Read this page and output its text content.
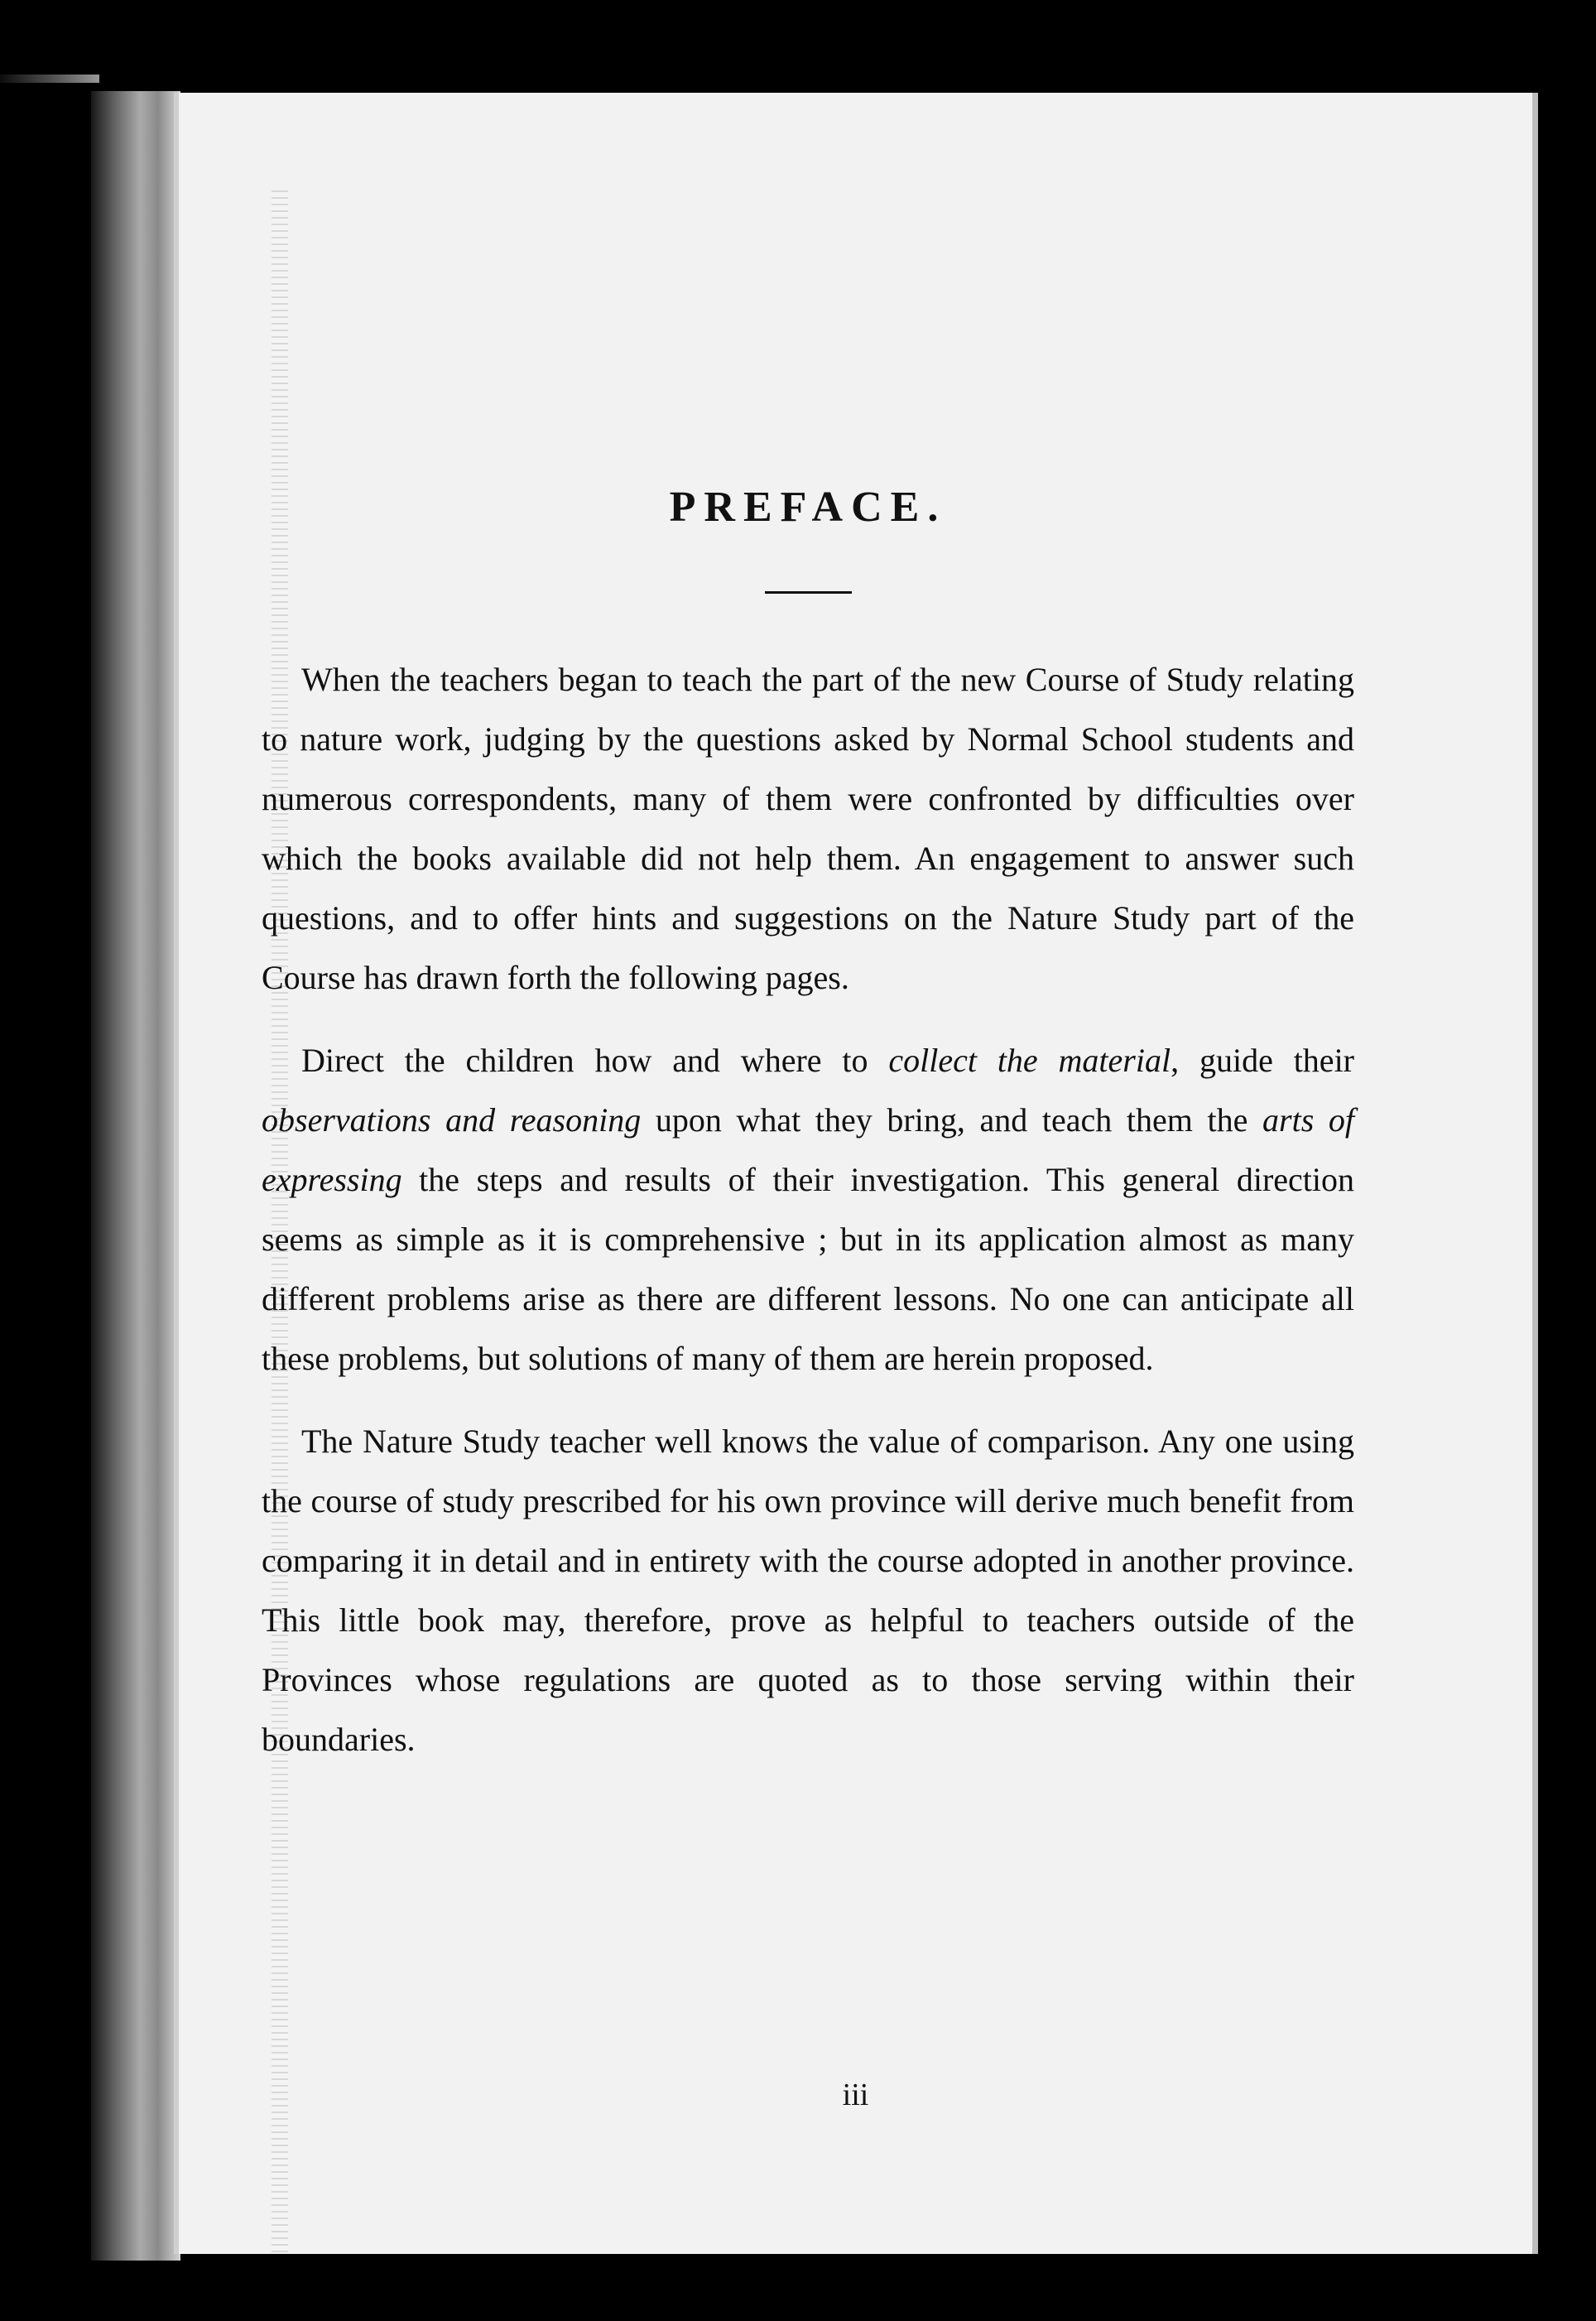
PREFACE.

When the teachers began to teach the part of the new Course of Study relating to nature work, judging by the questions asked by Normal School students and numerous correspondents, many of them were confronted by difficulties over which the books available did not help them. An engagement to answer such questions, and to offer hints and suggestions on the Nature Study part of the Course has drawn forth the following pages.

Direct the children how and where to collect the material, guide their observations and reasoning upon what they bring, and teach them the arts of expressing the steps and results of their investigation. This general direction seems as simple as it is comprehensive ; but in its application almost as many different problems arise as there are different lessons. No one can anticipate all these problems, but solutions of many of them are herein proposed.

The Nature Study teacher well knows the value of comparison. Any one using the course of study prescribed for his own province will derive much benefit from comparing it in detail and in entirety with the course adopted in another province. This little book may, therefore, prove as helpful to teachers outside of the Provinces whose regulations are quoted as to those serving within their boundaries.

iii
